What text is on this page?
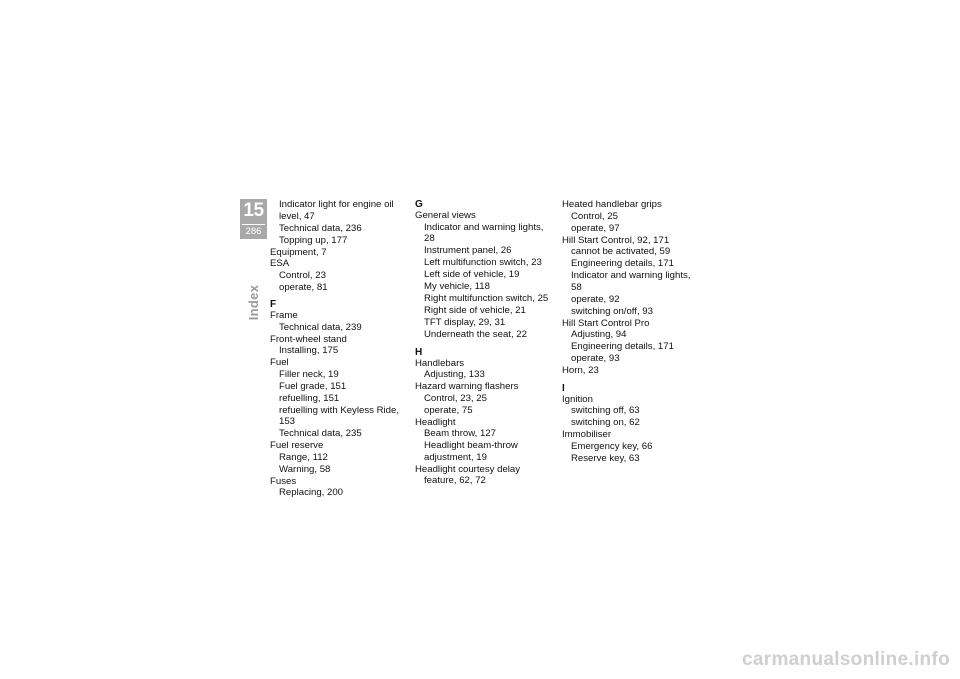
15
286
Index
Indicator light for engine oil level, 47
Technical data, 236
Topping up, 177
Equipment, 7
ESA
Control, 23
operate, 81
F
Frame
Technical data, 239
Front-wheel stand
Installing, 175
Fuel
Filler neck, 19
Fuel grade, 151
refuelling, 151
refuelling with Keyless Ride, 153
Technical data, 235
Fuel reserve
Range, 112
Warning, 58
Fuses
Replacing, 200
G
General views
Indicator and warning lights, 28
Instrument panel, 26
Left multifunction switch, 23
Left side of vehicle, 19
My vehicle, 118
Right multifunction switch, 25
Right side of vehicle, 21
TFT display, 29, 31
Underneath the seat, 22
H
Handlebars
Adjusting, 133
Hazard warning flashers
Control, 23, 25
operate, 75
Headlight
Beam throw, 127
Headlight beam-throw adjustment, 19
Headlight courtesy delay
feature, 62, 72
Heated handlebar grips
Control, 25
operate, 97
Hill Start Control, 92, 171
cannot be activated, 59
Engineering details, 171
Indicator and warning lights, 58
operate, 92
switching on/off, 93
Hill Start Control Pro
Adjusting, 94
Engineering details, 171
operate, 93
Horn, 23
I
Ignition
switching off, 63
switching on, 62
Immobiliser
Emergency key, 66
Reserve key, 63
carmanualsonline.info
